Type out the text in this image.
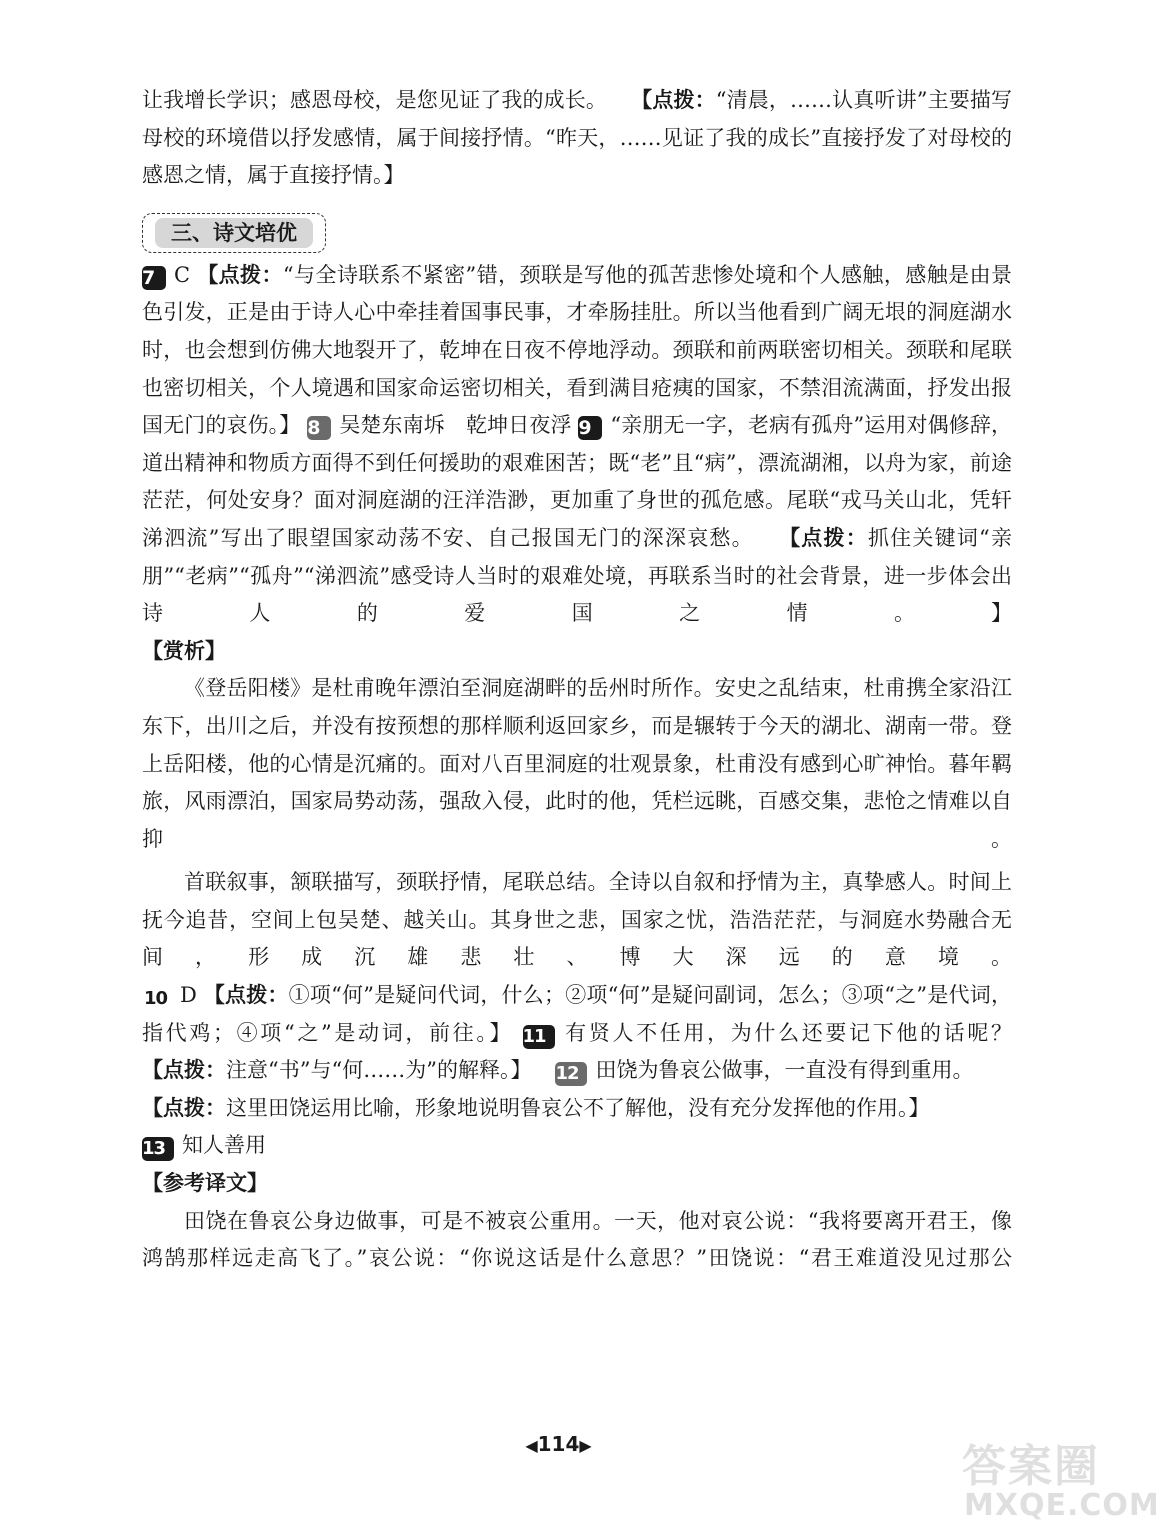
让我增长学识；感恩母校，是您见证了我的成长。 【点拨：“清晨，……认真听讲”主要描写母校的环境借以抒发感情，属于间接抒情。“昨天，……见证了我的成长”直接抒发了对母校的感恩之情，属于直接抒情。】

三、诗文培优

7 C 【点拨：“与全诗联系不紧密”错，颈联是写他的孤苦悲惨处境和个人感触，感触是由景色引发，正是由于诗人心中牵挂着国事民事，才牵肠挂肚。所以当他看到广阔无垠的洞庭湖水时，也会想到仿佛大地裂开了，乾坤在日夜不停地浮动。颈联和前两联密切相关。颈联和尾联也密切相关，个人境遇和国家命运密切相关，看到满目疮痍的国家，不禁泪流满面，抒发出报国无门的哀伤。】 8 吴楚东南坼　乾坤日夜浮 9 “亲朋无一字，老病有孤舟”运用对偶修辞，道出精神和物质方面得不到任何援助的艰难困苦；既“老”且“病”，漂流湖湘，以舟为家，前途茫茫，何处安身？面对洞庭湖的汪洋浩渺，更加重了身世的孤危感。尾联“戎马关山北，凭轩涕泗流”写出了眼望国家动荡不安、自己报国无门的深深哀愁。 【点拨：抓住关键词“亲朋”“老病”“孤舟”“涕泗流”感受诗人当时的艰难处境，再联系当时的社会背景，进一步体会出诗人的爱国之情。】

【赏析】

《登岳阳楼》是杜甫晚年漂泊至洞庭湖畔的岳州时所作。安史之乱结束，杜甫携全家沿江东下，出川之后，并没有按预想的那样顺利返回家乡，而是辗转于今天的湖北、湖南一带。登上岳阳楼，他的心情是沉痛的。面对八百里洞庭的壮观景象，杜甫没有感到心旷神怡。暮年羁旅，风雨漂泊，国家局势动荡，强敌入侵，此时的他，凭栏远眺，百感交集，悲怆之情难以自抑。

首联叙事，颔联描写，颈联抒情，尾联总结。全诗以自叙和抒情为主，真挚感人。时间上抚今追昔，空间上包吴楚、越关山。其身世之悲，国家之忧，浩浩茫茫，与洞庭水势融合无间，形成沉雄悲壮、博大深远的意境。

10 D 【点拨：①项“何”是疑问代词，什么；②项“何”是疑问副词，怎么；③项“之”是代词，指代鸡；④项“之”是动词，前往。】 11 有贤人不任用，为什么还要记下他的话呢？

【点拨：注意“书”与“何……为”的解释。】 12 田饶为鲁哀公做事，一直没有得到重用。

【点拨：这里田饶运用比喻，形象地说明鲁哀公不了解他，没有充分发挥他的作用。】

13 知人善用

【参考译文】

田饶在鲁哀公身边做事，可是不被哀公重用。一天，他对哀公说：“我将要离开君王，像鸿鹄那样远走高飞了。”哀公说：“你说这话是什么意思？”田饶说：“君王难道没见过那公

◀114▶	答案圈
MXQE.COM
